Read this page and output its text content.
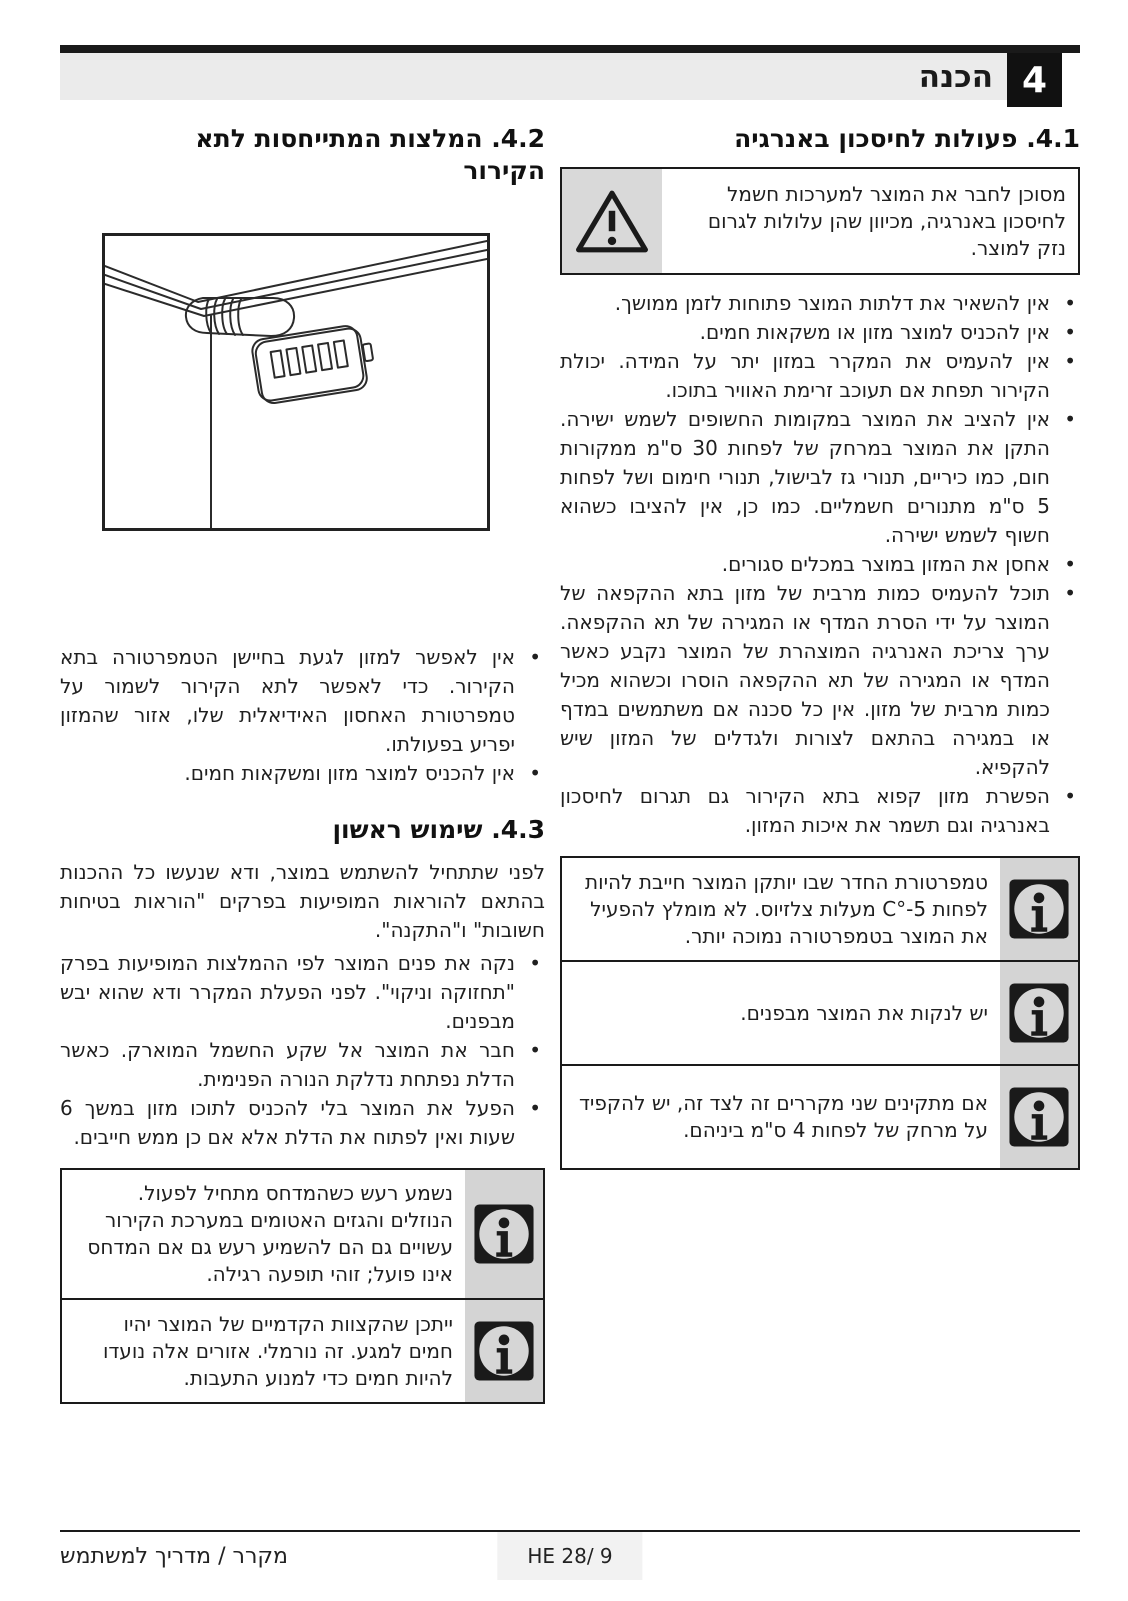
4
הכנה
4.1. פעולות לחיסכון באנרגיה

מסוכן לחבר את המוצר למערכות חשמל לחיסכון באנרגיה, מכיוון שהן עלולות לגרום נזק למוצר.

•
אין להשאיר את דלתות המוצר פתוחות לזמן ממושך.
•
אין להכניס למוצר מזון או משקאות חמים.
•
אין להעמיס את המקרר במזון יתר על המידה. יכולת הקירור תפחת אם תעוכב זרימת האוויר בתוכו.
•
אין להציב את המוצר במקומות החשופים לשמש ישירה. התקן את המוצר במרחק של לפחות 30 ס"מ ממקורות חום, כמו כיריים, תנורי גז לבישול, תנורי חימום ושל לפחות 5 ס"מ מתנורים חשמליים. כמו כן, אין להציבו כשהוא חשוף לשמש ישירה.
•
אחסן את המזון במוצר במכלים סגורים.
•
תוכל להעמיס כמות מרבית של מזון בתא ההקפאה של המוצר על ידי הסרת המדף או המגירה של תא ההקפאה. ערך צריכת האנרגיה המוצהרת של המוצר נקבע כאשר המדף או המגירה של תא ההקפאה הוסרו וכשהוא מכיל כמות מרבית של מזון. אין כל סכנה אם משתמשים במדף או במגירה בהתאם לצורות ולגדלים של המזון שיש להקפיא.
•
הפשרת מזון קפוא בתא הקירור גם תגרום לחיסכון באנרגיה וגם תשמר את איכות המזון.

טמפרטורת החדר שבו יותקן המוצר חייבת להיות לפחות C°-5 מעלות צלזיוס. לא מומלץ להפעיל את המוצר בטמפרטורה נמוכה יותר.

יש לנקות את המוצר מבפנים.

אם מתקינים שני מקררים זה לצד זה, יש להקפיד על מרחק של לפחות 4 ס"מ ביניהם.

4.2. המלצות המתייחסות לתא
הקירור
•
אין לאפשר למזון לגעת בחיישן הטמפרטורה בתא הקירור. כדי לאפשר לתא הקירור לשמור על טמפרטורת האחסון האידיאלית שלו, אזור שהמזון יפריע בפעולתו.
•
אין להכניס למוצר מזון ומשקאות חמים.
4.3. שימוש ראשון

לפני שתתחיל להשתמש במוצר, ודא שנעשו כל ההכנות בהתאם להוראות המופיעות בפרקים "הוראות בטיחות חשובות" ו"התקנה".

•
נקה את פנים המוצר לפי ההמלצות המופיעות בפרק "תחזוקה וניקוי". לפני הפעלת המקרר ודא שהוא יבש מבפנים.
•
חבר את המוצר אל שקע החשמל המוארק. כאשר הדלת נפתחת נדלקת הנורה הפנימית.
•
הפעל את המוצר בלי להכניס לתוכו מזון במשך 6 שעות ואין לפתוח את הדלת אלא אם כן ממש חייבים.

נשמע רעש כשהמדחס מתחיל לפעול. הנוזלים והגזים האטומים במערכת הקירור עשויים גם הם להשמיע רעש גם אם המדחס אינו פועל; זוהי תופעה רגילה.

ייתכן שהקצוות הקדמיים של המוצר יהיו חמים למגע. זה נורמלי. אזורים אלה נועדו להיות חמים כדי למנוע התעבות.

מקרר / מדריך למשתמש	HE 28/ 9
